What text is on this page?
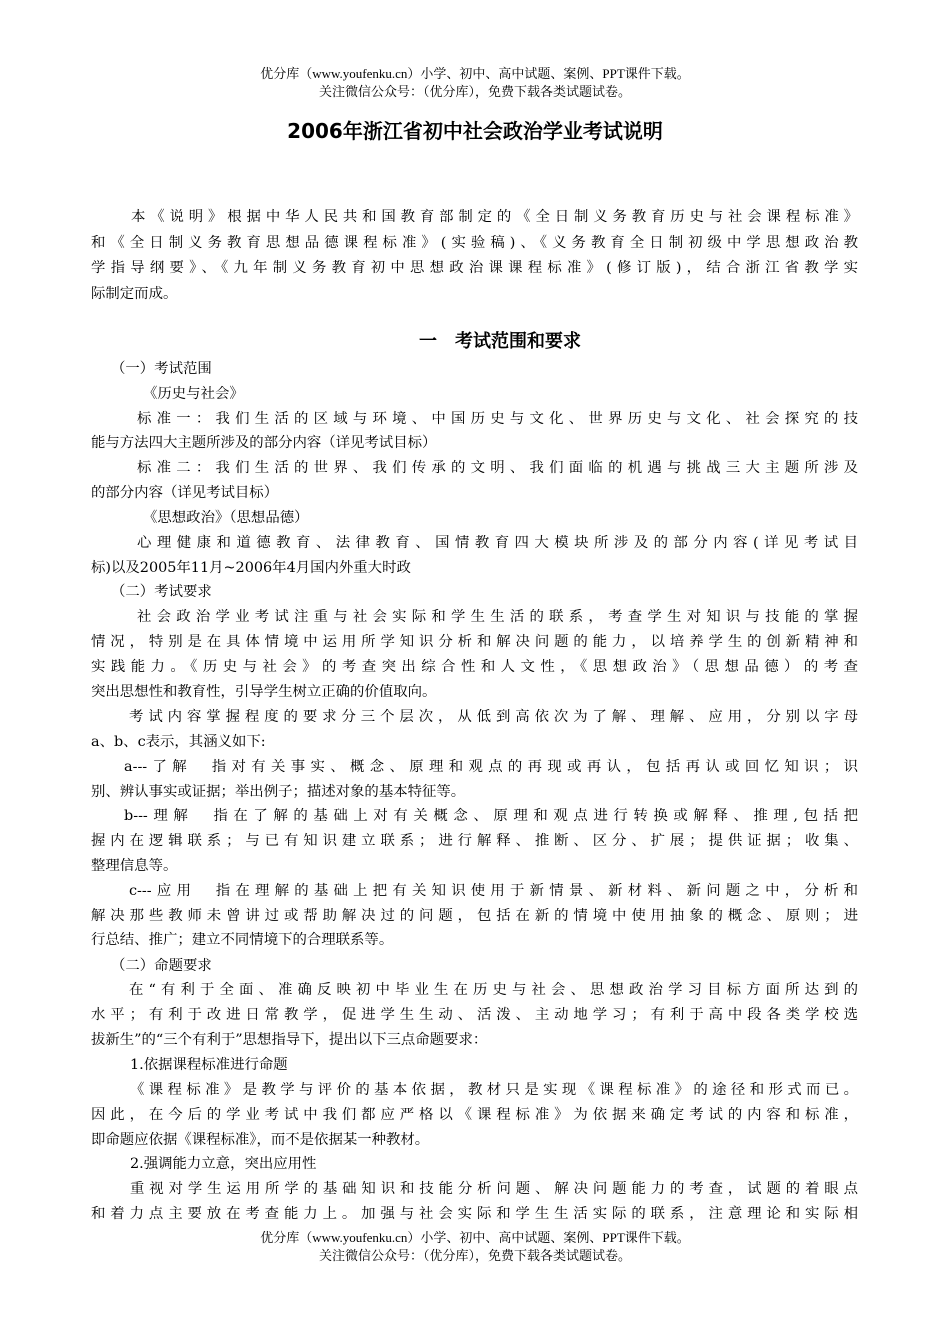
优分库（www.youfenku.cn）小学、初中、高中试题、案例、PPT课件下载。
关注微信公众号：（优分库），免费下载各类试题试卷。
2006年浙江省初中社会政治学业考试说明
本《说明》根据中华人民共和国教育部制定的《全日制义务教育历史与社会课程标准》
和《全日制义务教育思想品德课程标准》(实验稿)、《义务教育全日制初级中学思想政治教
学指导纲要》、《九年制义务教育初中思想政治课课程标准》(修订版)，结合浙江省教学实
际制定而成。
一　考试范围和要求
（一）考试范围
《历史与社会》
标准一：我们生活的区域与环境、中国历史与文化、世界历史与文化、社会探究的技
能与方法四大主题所涉及的部分内容（详见考试目标）
标准二：我们生活的世界、我们传承的文明、我们面临的机遇与挑战三大主题所涉及
的部分内容（详见考试目标）
《思想政治》（思想品德）
心理健康和道德教育、法律教育、国情教育四大模块所涉及的部分内容(详见考试目
标)以及2005年11月~2006年4月国内外重大时政
（二）考试要求
社会政治学业考试注重与社会实际和学生生活的联系，考查学生对知识与技能的掌握
情况，特别是在具体情境中运用所学知识分析和解决问题的能力，以培养学生的创新精神和
实践能力。《历史与社会》的考查突出综合性和人文性，《思想政治》（思想品德）的考查
突出思想性和教育性，引导学生树立正确的价值取向。
考试内容掌握程度的要求分三个层次，从低到高依次为了解、理解、应用，分别以字母
a、b、c表示，其涵义如下:
a---了解　指对有关事实、概念、原理和观点的再现或再认，包括再认或回忆知识；识
别、辨认事实或证据；举出例子；描述对象的基本特征等。
b---理解　指在了解的基础上对有关概念、原理和观点进行转换或解释、推理,包括把
握内在逻辑联系；与已有知识建立联系；进行解释、推断、区分、扩展；提供证据；收集、
整理信息等。
c---应用　指在理解的基础上把有关知识使用于新情景、新材料、新问题之中，分析和
解决那些教师未曾讲过或帮助解决过的问题，包括在新的情境中使用抽象的概念、原则；进
行总结、推广；建立不同情境下的合理联系等。
（二）命题要求
在“有利于全面、准确反映初中毕业生在历史与社会、思想政治学习目标方面所达到的
水平；有利于改进日常教学，促进学生生动、活泼、主动地学习；有利于高中段各类学校选
拔新生”的“三个有利于”思想指导下，提出以下三点命题要求：
1.依据课程标准进行命题
《课程标准》是教学与评价的基本依据，教材只是实现《课程标准》的途径和形式而已。
因此，在今后的学业考试中我们都应严格以《课程标准》为依据来确定考试的内容和标准，
即命题应依据《课程标准》，而不是依据某一种教材。
2.强调能力立意，突出应用性
重视对学生运用所学的基础知识和技能分析问题、解决问题能力的考查，试题的着眼点
和着力点主要放在考查能力上。加强与社会实际和学生生活实际的联系，注意理论和实际相
优分库（www.youfenku.cn）小学、初中、高中试题、案例、PPT课件下载。
关注微信公众号：（优分库），免费下载各类试题试卷。
